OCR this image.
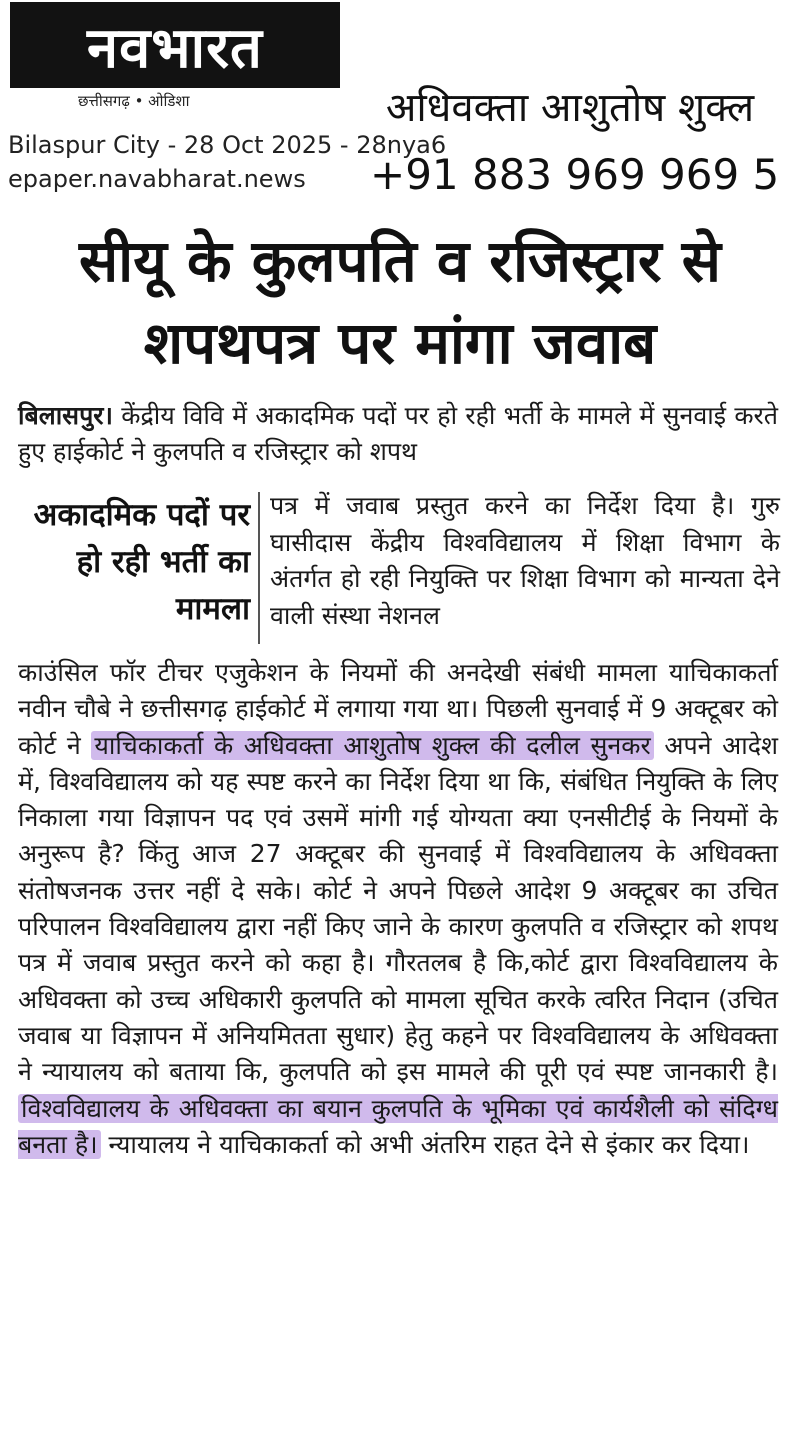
नवभारत
छत्तीसगढ़ • ओडिशा
Bilaspur City - 28 Oct 2025 - 28nya6
epaper.navabharat.news
अधिवक्ता आशुतोष शुक्ल
+91 883 969 969 5
सीयू के कुलपति व रजिस्ट्रार से
शपथपत्र पर मांगा जवाब
बिलासपुर। केंद्रीय विवि में अकादमिक पदों पर हो रही भर्ती के मामले में सुनवाई करते हुए हाईकोर्ट ने कुलपति व रजिस्ट्रार को शपथ
अकादमिक पदों पर हो रही भर्ती का मामला
पत्र में जवाब प्रस्तुत करने का निर्देश दिया है। गुरु घासीदास केंद्रीय विश्वविद्यालय में शिक्षा विभाग के अंतर्गत हो रही नियुक्ति पर शिक्षा विभाग को मान्यता देने वाली संस्था नेशनल
काउंसिल फॉर टीचर एजुकेशन के नियमों की अनदेखी संबंधी मामला याचिकाकर्ता नवीन चौबे ने छत्तीसगढ़ हाईकोर्ट में लगाया गया था। पिछली सुनवाई में 9 अक्टूबर को कोर्ट ने याचिकाकर्ता के अधिवक्ता आशुतोष शुक्ल की दलील सुनकर अपने आदेश में, विश्वविद्यालय को यह स्पष्ट करने का निर्देश दिया था कि, संबंधित नियुक्ति के लिए निकाला गया विज्ञापन पद एवं उसमें मांगी गई योग्यता क्या एनसीटीई के नियमों के अनुरूप है? किंतु आज 27 अक्टूबर की सुनवाई में विश्वविद्यालय के अधिवक्ता संतोषजनक उत्तर नहीं दे सके। कोर्ट ने अपने पिछले आदेश 9 अक्टूबर का उचित परिपालन विश्वविद्यालय द्वारा नहीं किए जाने के कारण कुलपति व रजिस्ट्रार को शपथ पत्र में जवाब प्रस्तुत करने को कहा है। गौरतलब है कि,कोर्ट द्वारा विश्वविद्यालय के अधिवक्ता को उच्च अधिकारी कुलपति को मामला सूचित करके त्वरित निदान (उचित जवाब या विज्ञापन में अनियमितता सुधार) हेतु कहने पर विश्वविद्यालय के अधिवक्ता ने न्यायालय को बताया कि, कुलपति को इस मामले की पूरी एवं स्पष्ट जानकारी है। विश्वविद्यालय के अधिवक्ता का बयान कुलपति के भूमिका एवं कार्यशैली को संदिग्ध बनता है। न्यायालय ने याचिकाकर्ता को अभी अंतरिम राहत देने से इंकार कर दिया।
